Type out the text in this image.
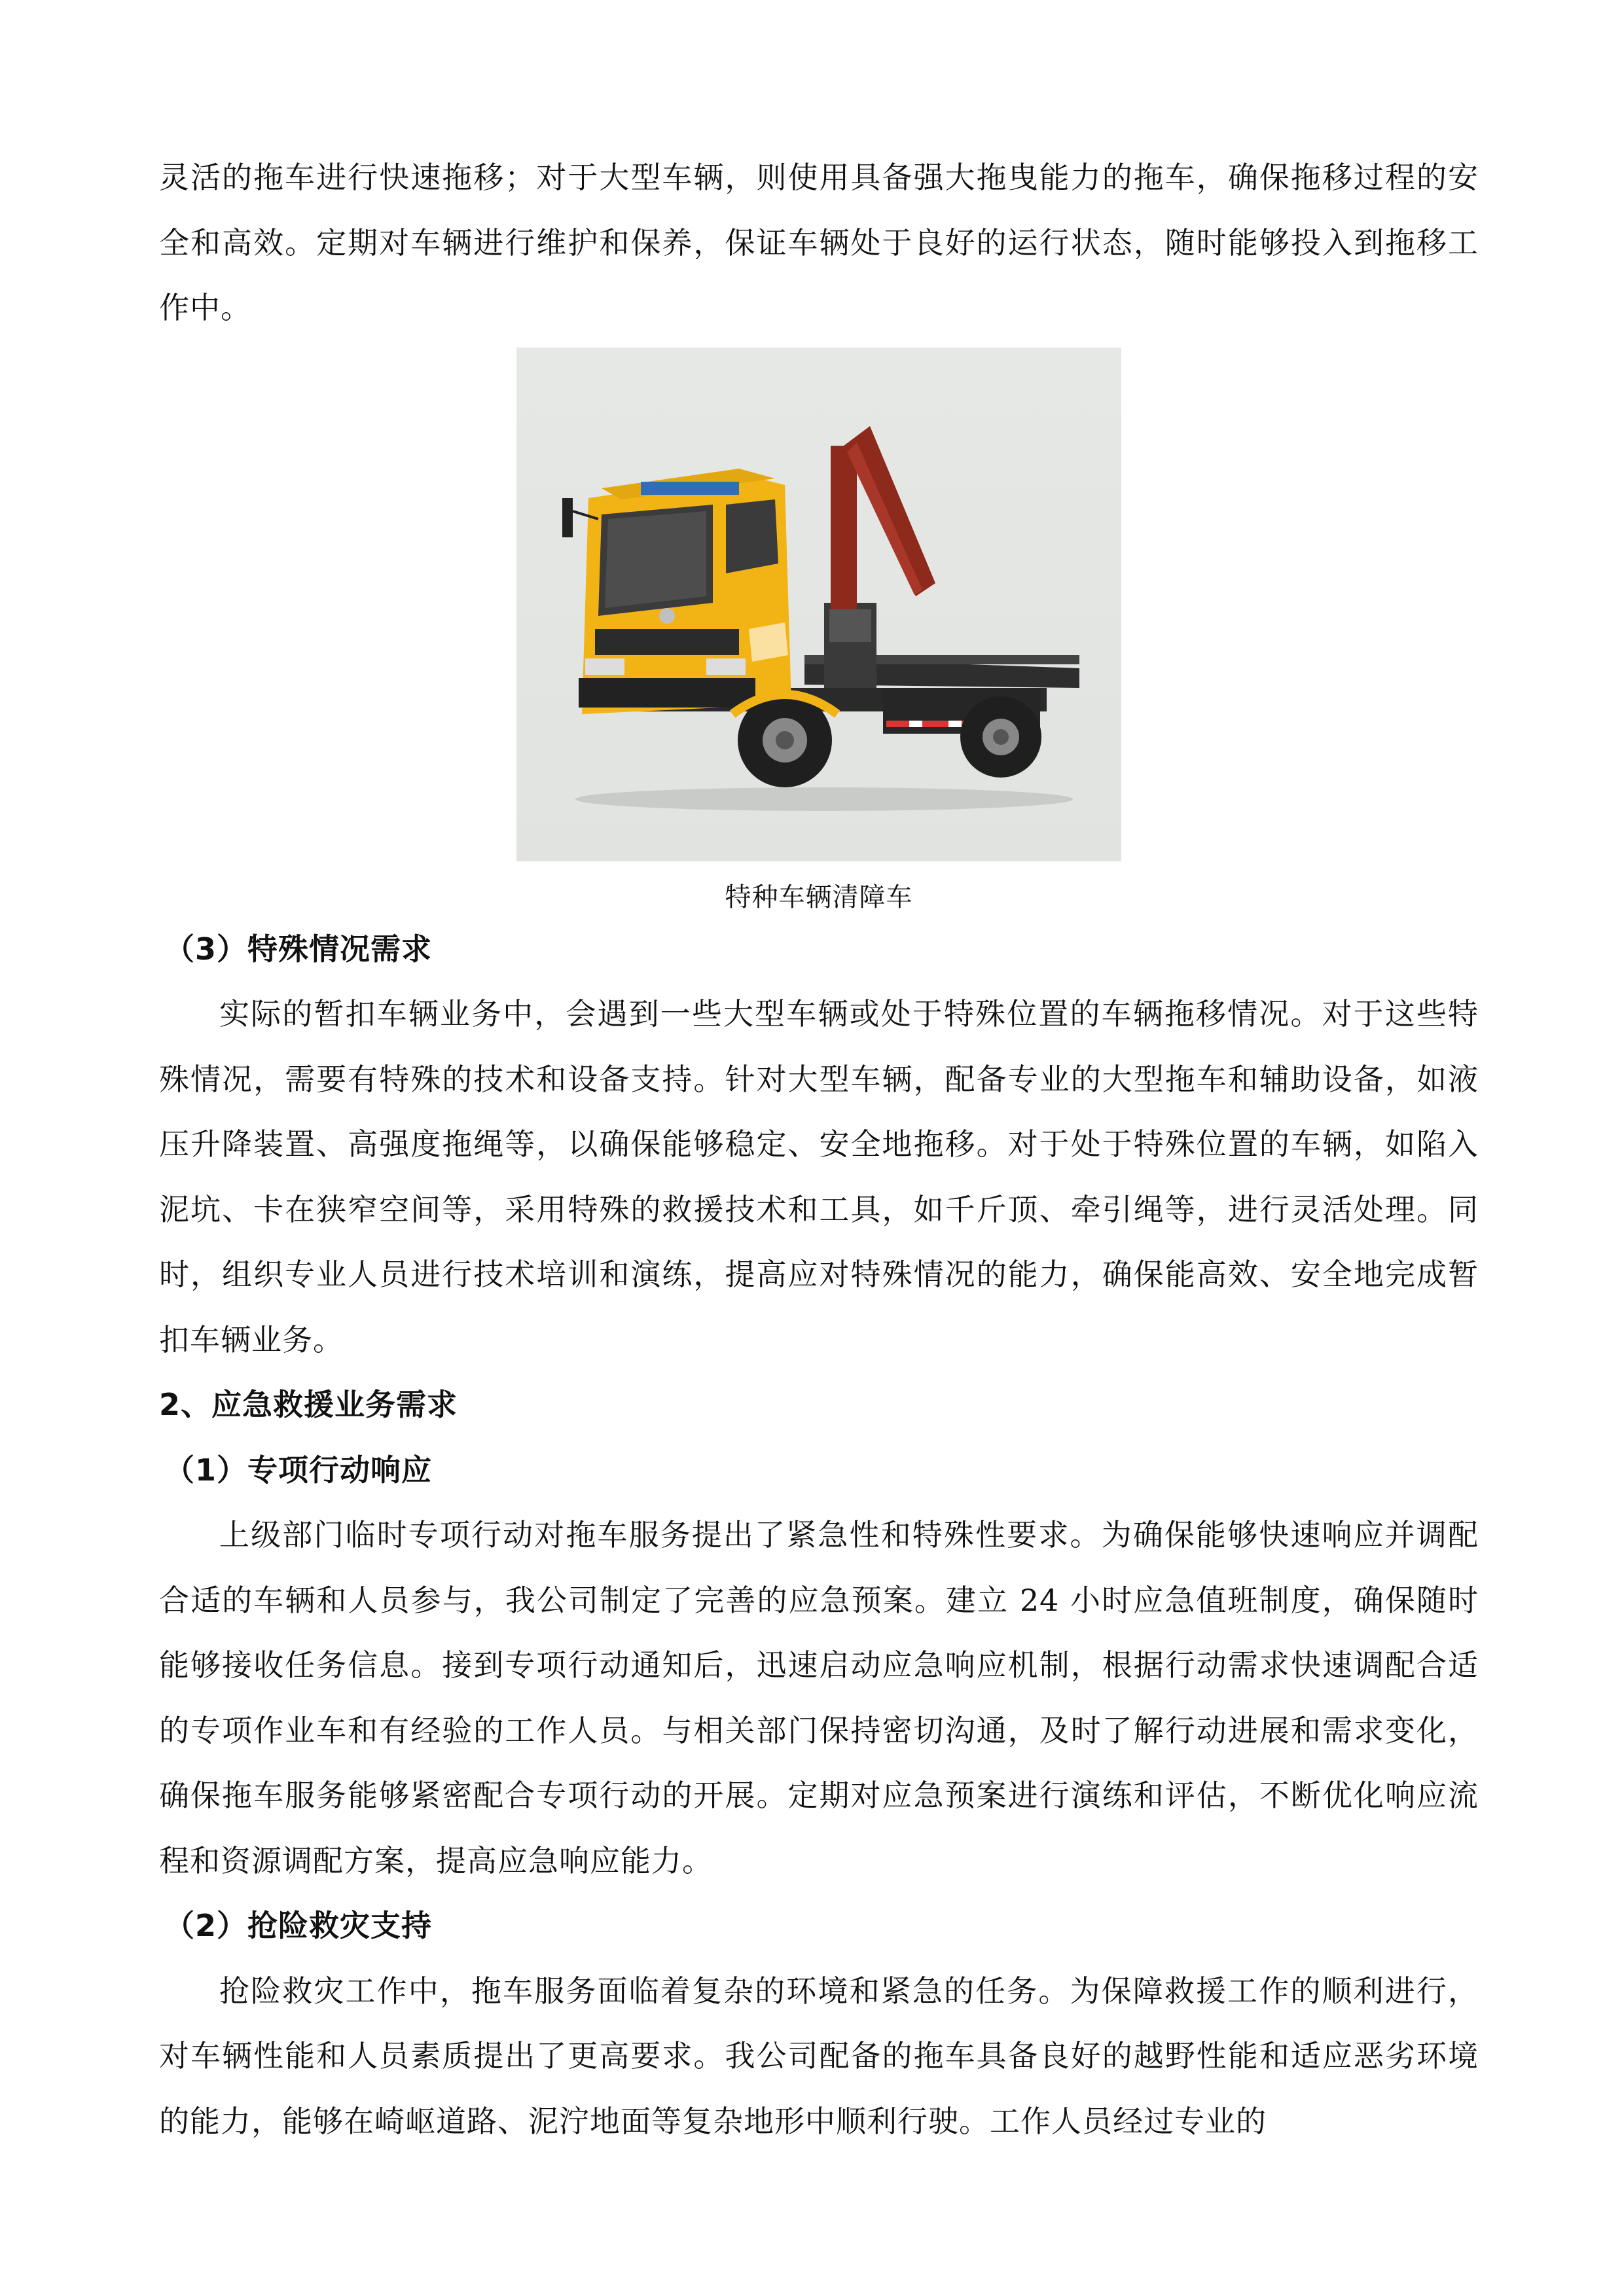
灵活的拖车进行快速拖移；对于大型车辆，则使用具备强大拖曳能力的拖车，确保拖移过程的安全和高效。定期对车辆进行维护和保养，保证车辆处于良好的运行状态，随时能够投入到拖移工作中。

特种车辆清障车

（3）特殊情况需求

实际的暂扣车辆业务中，会遇到一些大型车辆或处于特殊位置的车辆拖移情况。对于这些特殊情况，需要有特殊的技术和设备支持。针对大型车辆，配备专业的大型拖车和辅助设备，如液压升降装置、高强度拖绳等，以确保能够稳定、安全地拖移。对于处于特殊位置的车辆，如陷入泥坑、卡在狭窄空间等，采用特殊的救援技术和工具，如千斤顶、牵引绳等，进行灵活处理。同时，组织专业人员进行技术培训和演练，提高应对特殊情况的能力，确保能高效、安全地完成暂扣车辆业务。

2、应急救援业务需求

（1）专项行动响应

上级部门临时专项行动对拖车服务提出了紧急性和特殊性要求。为确保能够快速响应并调配合适的车辆和人员参与，我公司制定了完善的应急预案。建立 24 小时应急值班制度，确保随时能够接收任务信息。接到专项行动通知后，迅速启动应急响应机制，根据行动需求快速调配合适的专项作业车和有经验的工作人员。与相关部门保持密切沟通，及时了解行动进展和需求变化，确保拖车服务能够紧密配合专项行动的开展。定期对应急预案进行演练和评估，不断优化响应流程和资源调配方案，提高应急响应能力。

（2）抢险救灾支持

抢险救灾工作中，拖车服务面临着复杂的环境和紧急的任务。为保障救援工作的顺利进行，对车辆性能和人员素质提出了更高要求。我公司配备的拖车具备良好的越野性能和适应恶劣环境的能力，能够在崎岖道路、泥泞地面等复杂地形中顺利行驶。工作人员经过专业的
